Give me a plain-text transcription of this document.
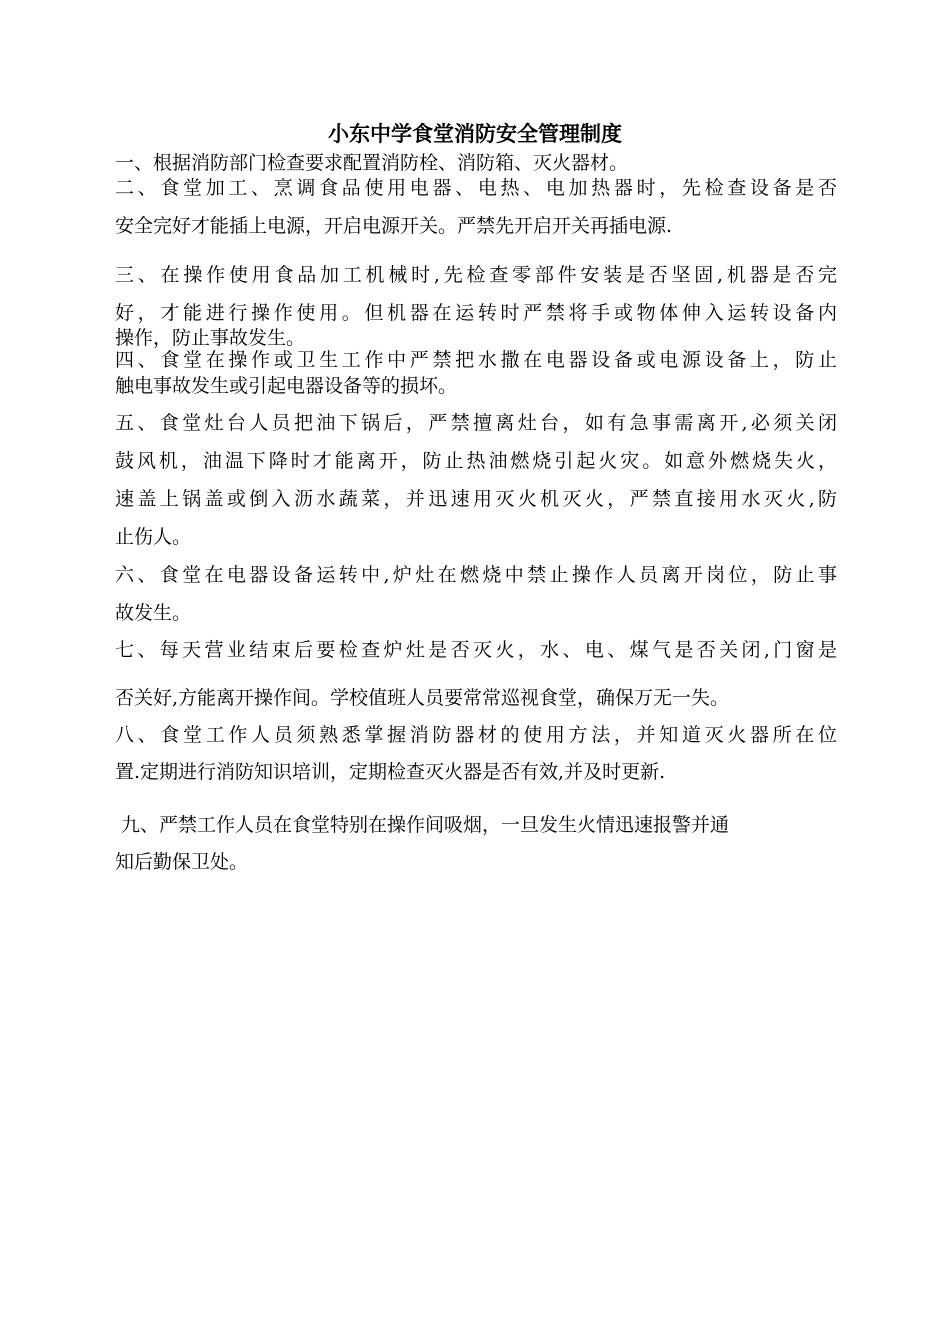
小东中学食堂消防安全管理制度
一、根据消防部门检查要求配置消防栓、消防箱、灭火器材。
二、食堂加工、烹调食品使用电器、电热、电加热器时，先检查设备是否
安全完好才能插上电源，开启电源开关。严禁先开启开关再插电源.
三、在操作使用食品加工机械时,先检查零部件安装是否坚固,机器是否完
好，才能进行操作使用。但机器在运转时严禁将手或物体伸入运转设备内
操作，防止事故发生。
四、食堂在操作或卫生工作中严禁把水撒在电器设备或电源设备上，防止
触电事故发生或引起电器设备等的损坏。
五、食堂灶台人员把油下锅后，严禁擅离灶台，如有急事需离开,必须关闭
鼓风机，油温下降时才能离开，防止热油燃烧引起火灾。如意外燃烧失火，
速盖上锅盖或倒入沥水蔬菜，并迅速用灭火机灭火，严禁直接用水灭火,防
止伤人。
六、食堂在电器设备运转中,炉灶在燃烧中禁止操作人员离开岗位，防止事
故发生。
七、每天营业结束后要检查炉灶是否灭火，水、电、煤气是否关闭,门窗是
否关好,方能离开操作间。学校值班人员要常常巡视食堂，确保万无一失。
八、食堂工作人员须熟悉掌握消防器材的使用方法，并知道灭火器所在位
置.定期进行消防知识培训，定期检查灭火器是否有效,并及时更新.
九、严禁工作人员在食堂特别在操作间吸烟，一旦发生火情迅速报警并通
知后勤保卫处。
